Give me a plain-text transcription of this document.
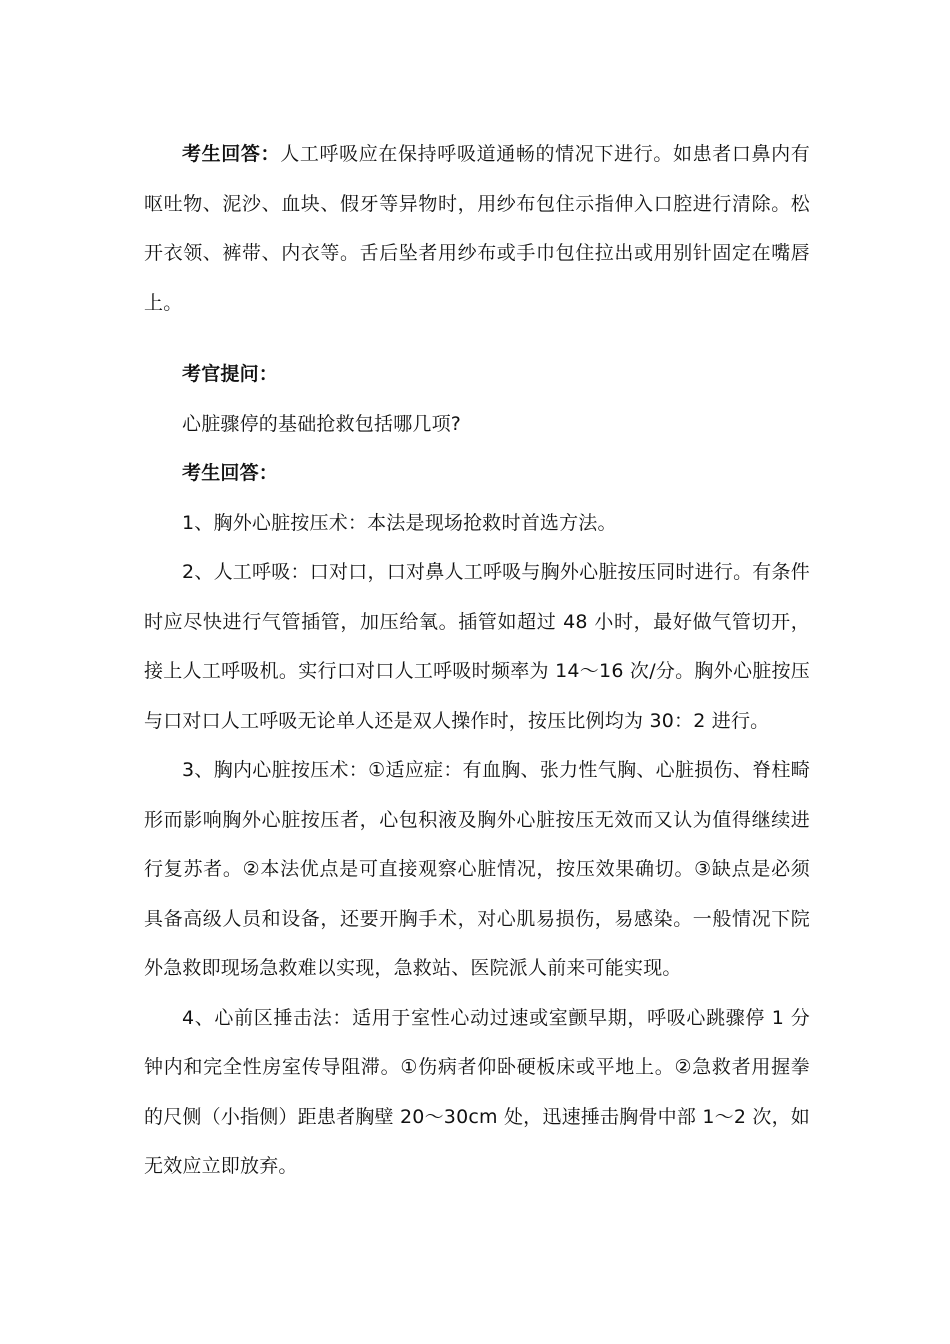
考生回答：人工呼吸应在保持呼吸道通畅的情况下进行。如患者口鼻内有呕吐物、泥沙、血块、假牙等异物时，用纱布包住示指伸入口腔进行清除。松开衣领、裤带、内衣等。舌后坠者用纱布或手巾包住拉出或用别针固定在嘴唇上。

考官提问：

心脏骤停的基础抢救包括哪几项?

考生回答：

1、胸外心脏按压术：本法是现场抢救时首选方法。

2、人工呼吸：口对口，口对鼻人工呼吸与胸外心脏按压同时进行。有条件时应尽快进行气管插管，加压给氧。插管如超过 48 小时，最好做气管切开，接上人工呼吸机。实行口对口人工呼吸时频率为 14～16 次/分。胸外心脏按压与口对口人工呼吸无论单人还是双人操作时，按压比例均为 30：2 进行。

3、胸内心脏按压术：①适应症：有血胸、张力性气胸、心脏损伤、脊柱畸形而影响胸外心脏按压者，心包积液及胸外心脏按压无效而又认为值得继续进行复苏者。②本法优点是可直接观察心脏情况，按压效果确切。③缺点是必须具备高级人员和设备，还要开胸手术，对心肌易损伤，易感染。一般情况下院外急救即现场急救难以实现，急救站、医院派人前来可能实现。

4、心前区捶击法：适用于室性心动过速或室颤早期，呼吸心跳骤停 1 分钟内和完全性房室传导阻滞。①伤病者仰卧硬板床或平地上。②急救者用握拳的尺侧（小指侧）距患者胸壁 20～30cm 处，迅速捶击胸骨中部 1～2 次，如无效应立即放弃。
